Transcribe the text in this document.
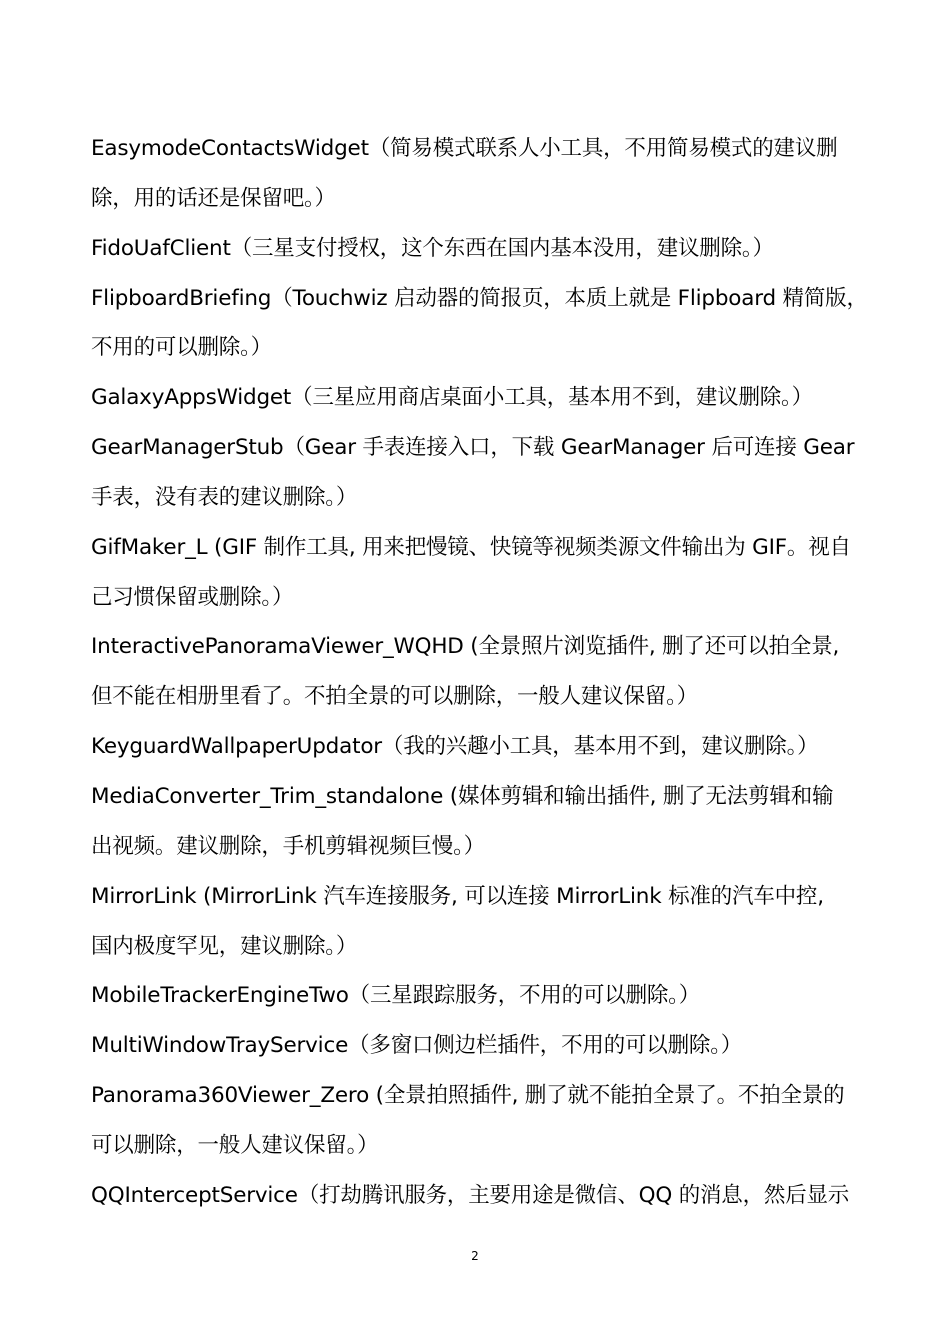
EasymodeContactsWidget（简易模式联系人小工具，不用简易模式的建议删
除，用的话还是保留吧。）
FidoUafClient（三星支付授权，这个东西在国内基本没用，建议删除。）
FlipboardBriefing（Touchwiz 启动器的简报页，本质上就是 Flipboard 精简版，
不用的可以删除。）
GalaxyAppsWidget（三星应用商店桌面小工具，基本用不到，建议删除。）
GearManagerStub（Gear 手表连接入口，下载 GearManager 后可连接 Gear
手表，没有表的建议删除。）
GifMaker_L (GIF 制作工具, 用来把慢镜、快镜等视频类源文件输出为 GIF。视自
己习惯保留或删除。）
InteractivePanoramaViewer_WQHD (全景照片浏览插件, 删了还可以拍全景,
但不能在相册里看了。不拍全景的可以删除，一般人建议保留。）
KeyguardWallpaperUpdator（我的兴趣小工具，基本用不到，建议删除。）
MediaConverter_Trim_standalone (媒体剪辑和输出插件, 删了无法剪辑和输
出视频。建议删除，手机剪辑视频巨慢。）
MirrorLink (MirrorLink 汽车连接服务, 可以连接 MirrorLink 标准的汽车中控,
国内极度罕见，建议删除。）
MobileTrackerEngineTwo（三星跟踪服务，不用的可以删除。）
MultiWindowTrayService（多窗口侧边栏插件，不用的可以删除。）
Panorama360Viewer_Zero (全景拍照插件, 删了就不能拍全景了。不拍全景的
可以删除，一般人建议保留。）
QQInterceptService（打劫腾讯服务，主要用途是微信、QQ 的消息，然后显示
2
